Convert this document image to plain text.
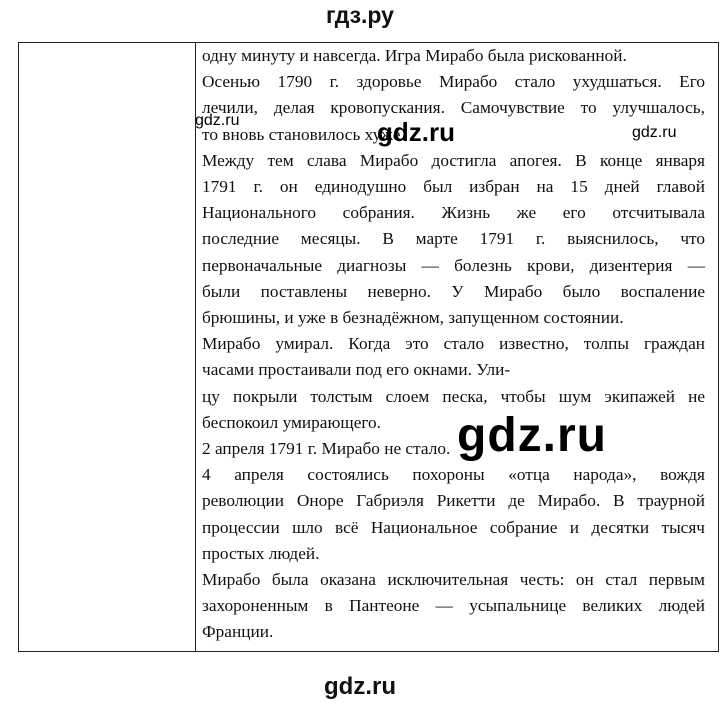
гдз.ру
одну минуту и навсегда. Игра Мирабо была рискованной.
Осенью 1790 г. здоровье Мирабо стало ухудшаться. Его
лечили, делая кровопускания. Самочувствие то улучшалось,
то вновь становилось хуже.
Между тем слава Мирабо достигла апогея. В конце января
1791 г. он единодушно был избран на 15 дней главой
Национального собрания. Жизнь же его отсчитывала
последние месяцы. В марте 1791 г. выяснилось, что
первоначальные диагнозы — болезнь крови, дизентерия —
были поставлены неверно. У Мирабо было воспаление
брюшины, и уже в безнадёжном, запущенном состоянии.
Мирабо умирал. Когда это стало известно, толпы граждан
часами простаивали под его окнами. Ули-
цу покрыли толстым слоем песка, чтобы шум экипажей не
беспокоил умирающего.
2 апреля 1791 г. Мирабо не стало.
4 апреля состоялись похороны «отца народа», вождя
революции Оноре Габриэля Рикетти де Мирабо. В траурной
процессии шло всё Национальное собрание и десятки тысяч
простых людей.
Мирабо была оказана исключительная честь: он стал первым
захороненным в Пантеоне — усыпальнице великих людей
Франции.
gdz.ru	gdz.ru	gdz.ru
gdz.ru
gdz.ru
